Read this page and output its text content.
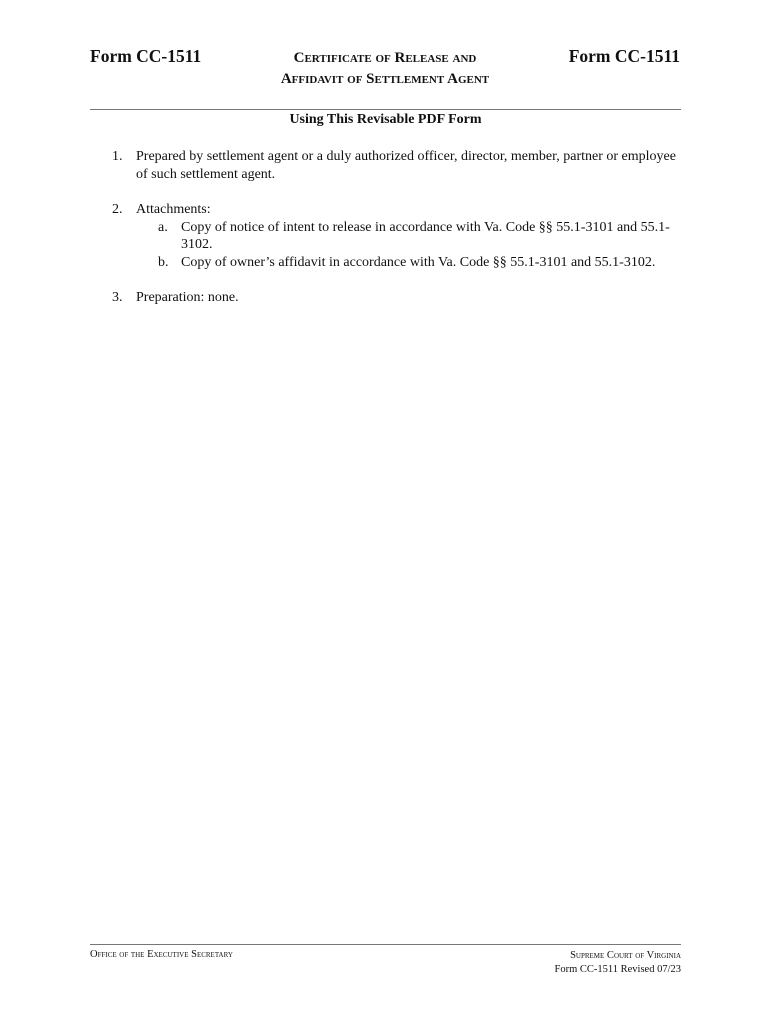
Form CC-1511	Certificate of Release and
Affidavit of Settlement Agent
Form CC-1511
Using This Revisable PDF Form
1. Prepared by settlement agent or a duly authorized officer, director, member, partner or employee of such settlement agent.
2. Attachments:
a. Copy of notice of intent to release in accordance with Va. Code §§ 55.1-3101 and 55.1-3102.
b. Copy of owner’s affidavit in accordance with Va. Code §§ 55.1-3101 and 55.1-3102.
3. Preparation: none.
Office of the Executive Secretary	Supreme Court of Virginia
Form CC-1511 Revised 07/23
